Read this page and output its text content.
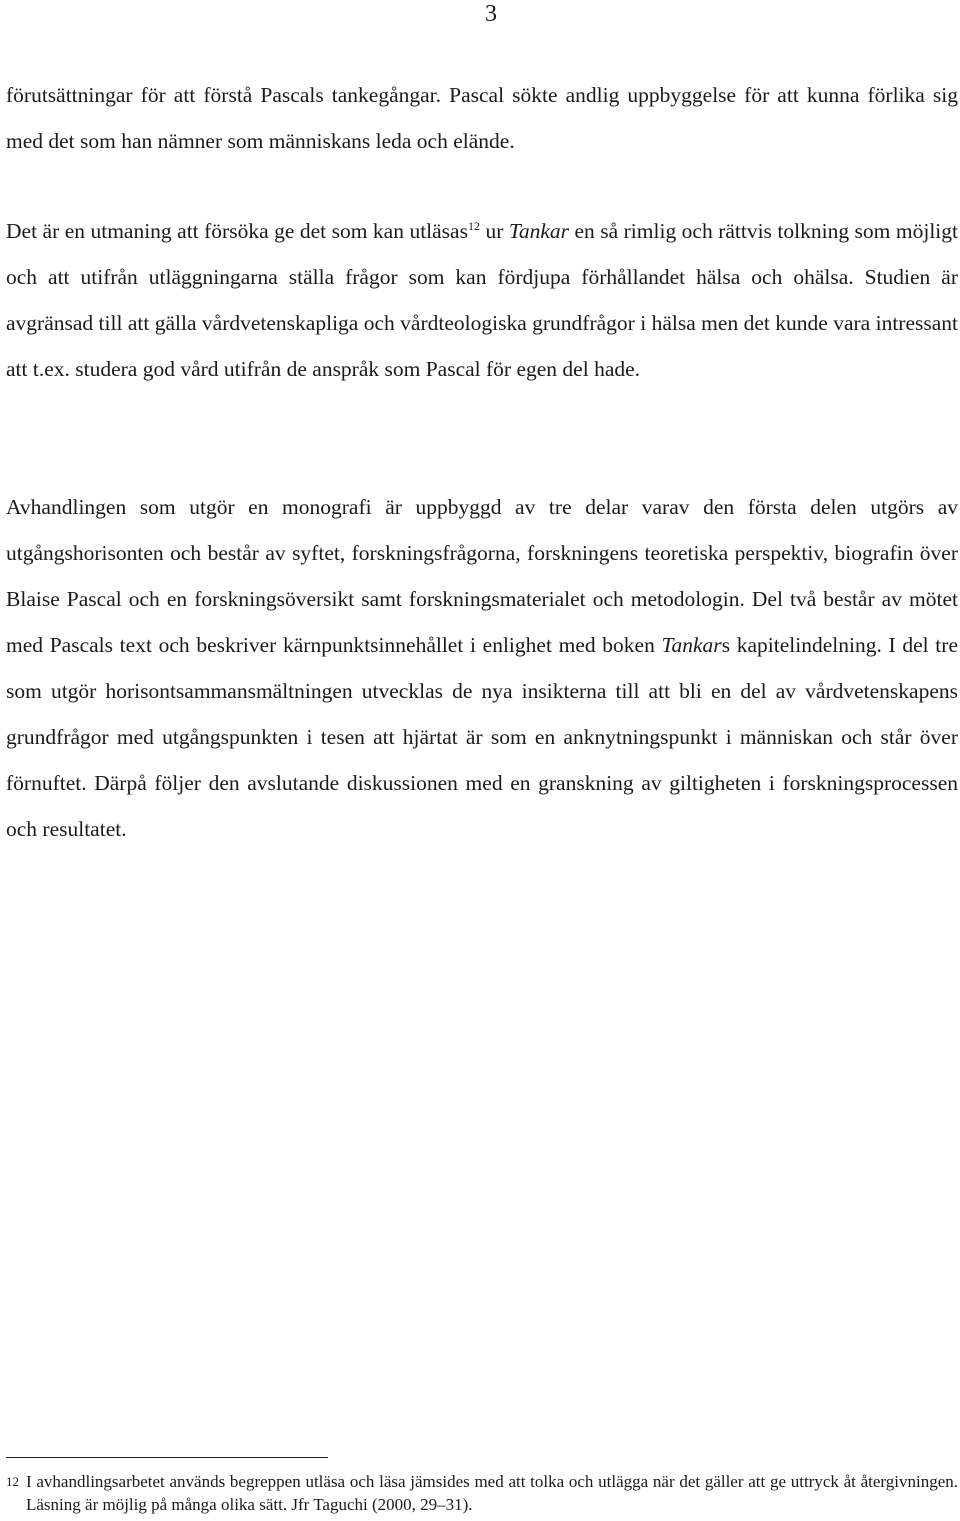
3

förutsättningar för att förstå Pascals tankegångar. Pascal sökte andlig uppbyggelse för att kunna förlika sig med det som han nämner som människans leda och elände.

Det är en utmaning att försöka ge det som kan utläsas$^{12}$ ur Tankar en så rimlig och rättvis tolkning som möjligt och att utifrån utläggningarna ställa frågor som kan fördjupa förhållandet hälsa och ohälsa. Studien är avgränsad till att gälla vårdvetenskapliga och vårdteologiska grundfrågor i hälsa men det kunde vara intressant att t.ex. studera god vård utifrån de anspråk som Pascal för egen del hade.

Avhandlingen som utgör en monografi är uppbyggd av tre delar varav den första delen utgörs av utgångshorisonten och består av syftet, forskningsfrågorna, forskningens teoretiska perspektiv, biografin över Blaise Pascal och en forskningsöversikt samt forskningsmaterialet och metodologin. Del två består av mötet med Pascals text och beskriver kärnpunktsinnehållet i enlighet med boken Tankars kapitelindelning. I del tre som utgör horisontsammansmältningen utvecklas de nya insikterna till att bli en del av vårdvetenskapens grundfrågor med utgångspunkten i tesen att hjärtat är som en anknytningspunkt i människan och står över förnuftet. Därpå följer den avslutande diskussionen med en granskning av giltigheten i forskningsprocessen och resultatet.

12 I avhandlingsarbetet används begreppen utläsa och läsa jämsides med att tolka och utlägga när det gäller att ge uttryck åt återgivningen. Läsning är möjlig på många olika sätt. Jfr Taguchi (2000, 29–31).
